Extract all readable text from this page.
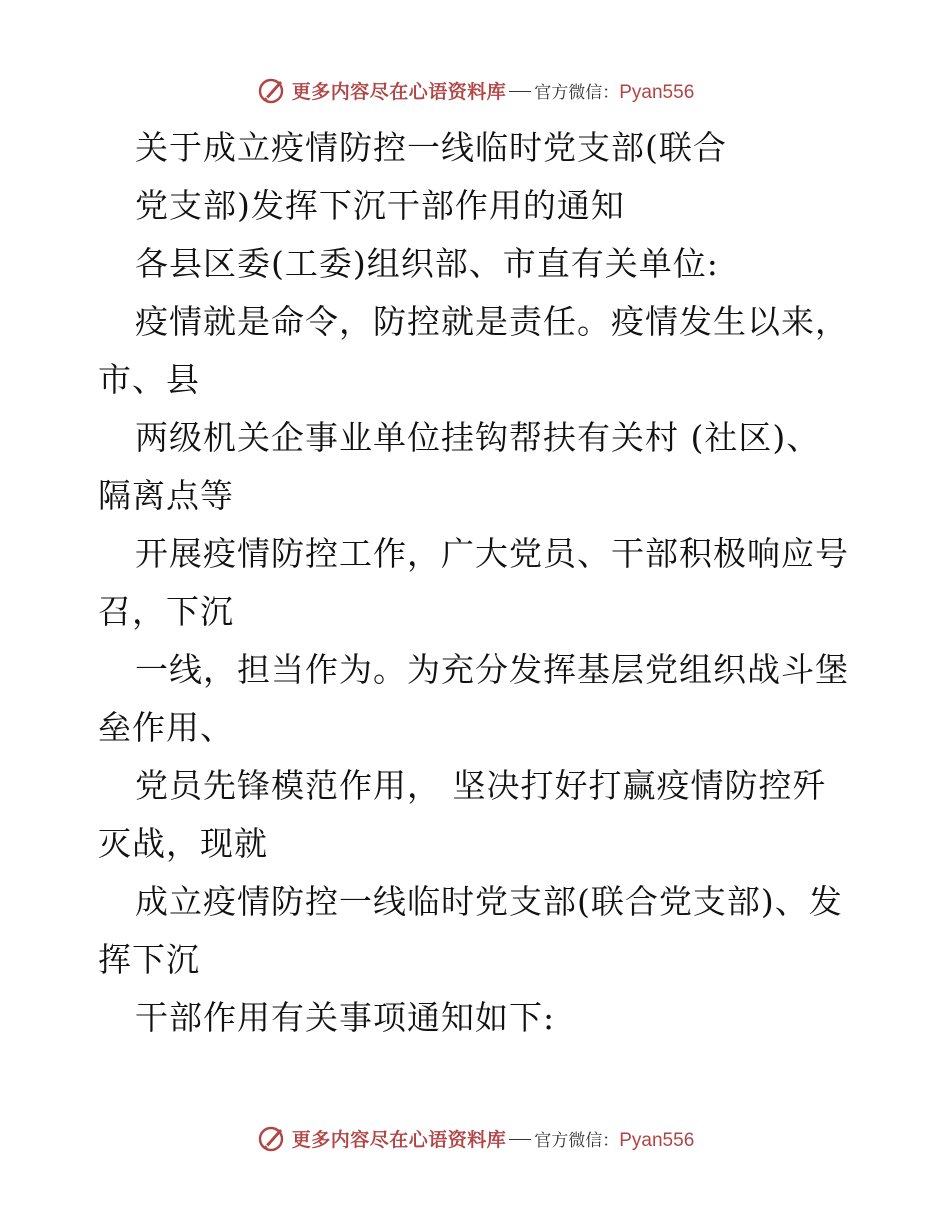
更多内容尽在心语资料库 官方微信： Pyan556
关于成立疫情防控一线临时党支部(联合
党支部)发挥下沉干部作用的通知
各县区委(工委)组织部、市直有关单位:
疫情就是命令，防控就是责任。疫情发生以来，
市、县
两级机关企事业单位挂钩帮扶有关村 (社区)、
隔离点等
开展疫情防控工作，广大党员、干部积极响应号
召，下沉
一线，担当作为。为充分发挥基层党组织战斗堡
垒作用、
党员先锋模范作用， 坚决打好打赢疫情防控歼
灭战，现就
成立疫情防控一线临时党支部(联合党支部)、发
挥下沉
干部作用有关事项通知如下:
更多内容尽在心语资料库 官方微信： Pyan556
